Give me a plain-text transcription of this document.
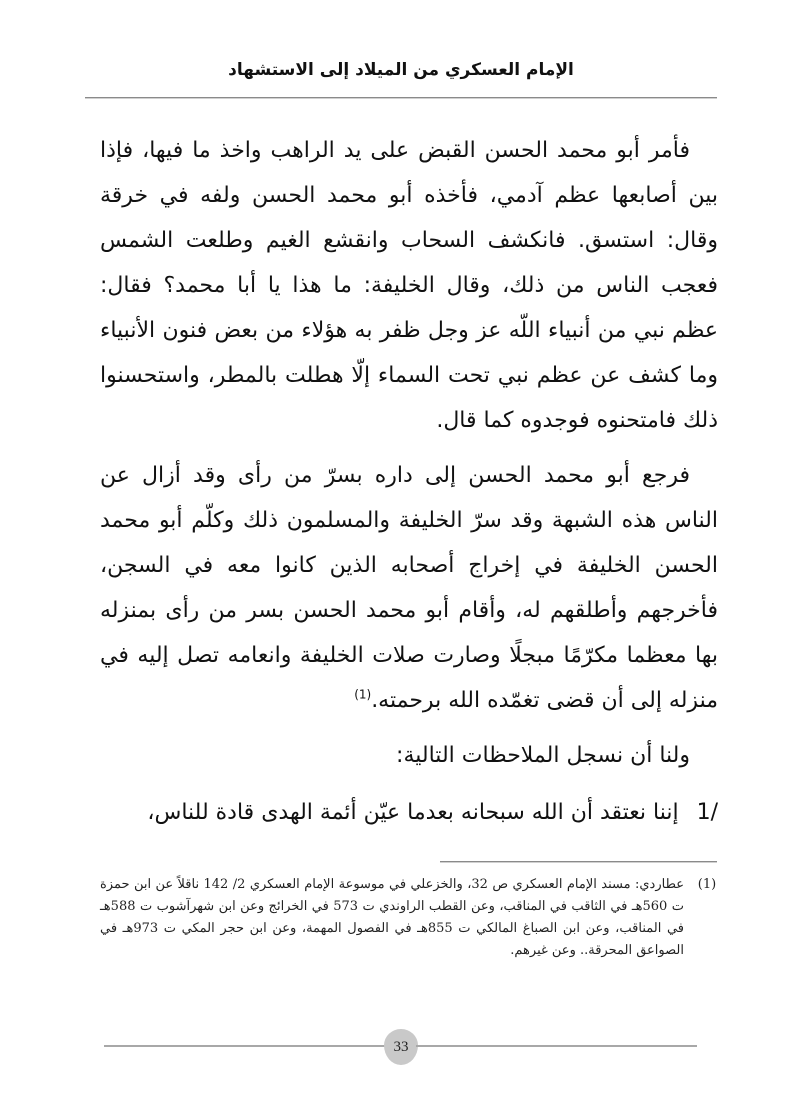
الإمام العسكري من الميلاد إلى الاستشهاد

فأمر أبو محمد الحسن القبض على يد الراهب واخذ ما فيها، فإذا بين أصابعها عظم آدمي، فأخذه أبو محمد الحسن ولفه في خرقة وقال: استسق. فانكشف السحاب وانقشع الغيم وطلعت الشمس فعجب الناس من ذلك، وقال الخليفة: ما هذا يا أبا محمد؟ فقال: عظم نبي من أنبياء اللّه عز وجل ظفر به هؤلاء من بعض فنون الأنبياء وما كشف عن عظم نبي تحت السماء إلّا هطلت بالمطر، واستحسنوا ذلك فامتحنوه فوجدوه كما قال.

فرجع أبو محمد الحسن إلى داره بسرّ من رأى وقد أزال عن الناس هذه الشبهة وقد سرّ الخليفة والمسلمون ذلك وكلّم أبو محمد الحسن الخليفة في إخراج أصحابه الذين كانوا معه في السجن، فأخرجهم وأطلقهم له، وأقام أبو محمد الحسن بسر من رأى بمنزله بها معظما مكرّمًا مبجلًا وصارت صلات الخليفة وانعامه تصل إليه في منزله إلى أن قضى تغمّده الله برحمته.$^{(1)}$

ولنا أن نسجل الملاحظات التالية:

1/إننا نعتقد أن الله سبحانه بعدما عيّن أئمة الهدى قادة للناس،

(1)
عطاردي: مسند الإمام العسكري ص 32، والخزعلي في موسوعة الإمام العسكري 2/ 142 ناقلاً عن ابن حمزة ت 560هـ في الثاقب في المناقب، وعن القطب الراوندي ت 573 في الخرائج وعن ابن شهرآشوب ت 588هـ في المناقب، وعن ابن الصباغ المالكي ت 855هـ في الفصول المهمة، وعن ابن حجر المكي ت 973هـ في الصواعق المحرقة.. وعن غيرهم.
33
